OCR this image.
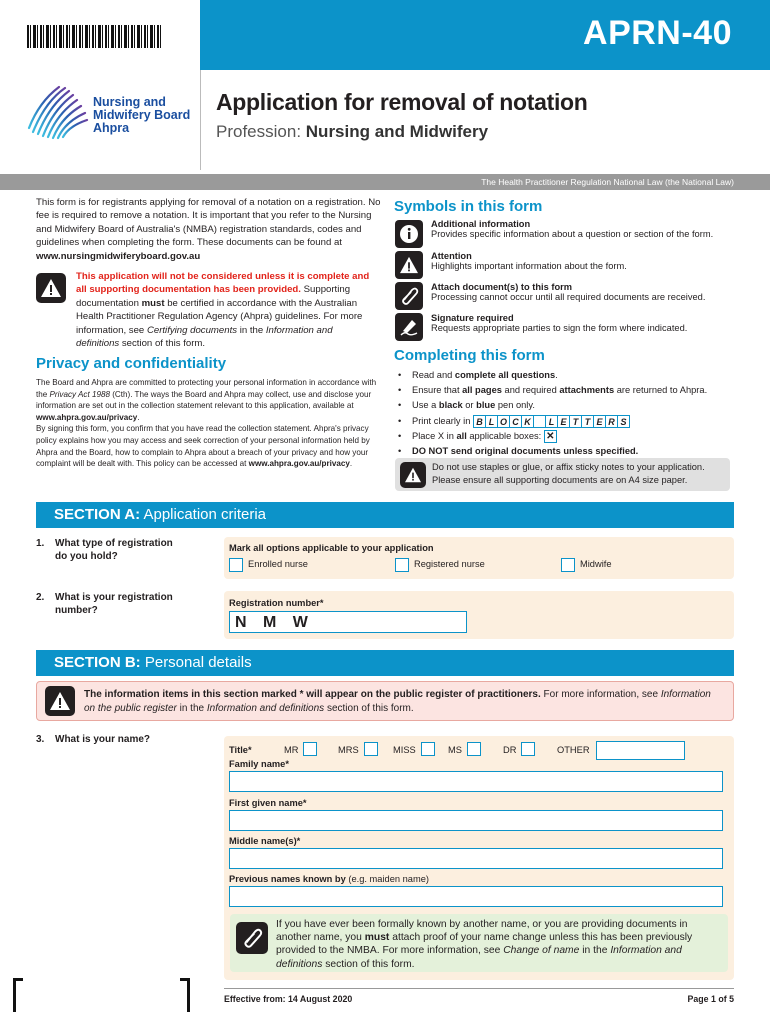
APRN-40
Nursing and
Midwifery Board
Ahpra
Application for removal of notation
Profession: Nursing and Midwifery
The Health Practitioner Regulation National Law (the National Law)
This form is for registrants applying for removal of a notation on a registration. No fee is required to remove a notation. It is important that you refer to the Nursing and Midwifery Board of Australia's (NMBA) registration standards, codes and guidelines when completing the form. These documents can be found at www.nursingmidwiferyboard.gov.au
This application will not be considered unless it is complete and all supporting documentation has been provided. Supporting documentation must be certified in accordance with the Australian Health Practitioner Regulation Agency (Ahpra) guidelines. For more information, see Certifying documents in the Information and definitions section of this form.
Privacy and confidentiality
The Board and Ahpra are committed to protecting your personal information in accordance with the Privacy Act 1988 (Cth). The ways the Board and Ahpra may collect, use and disclose your information are set out in the collection statement relevant to this application, available at www.ahpra.gov.au/privacy.
By signing this form, you confirm that you have read the collection statement. Ahpra's privacy policy explains how you may access and seek correction of your personal information held by Ahpra and the Board, how to complain to Ahpra about a breach of your privacy and how your complaint will be dealt with. This policy can be accessed at www.ahpra.gov.au/privacy.
Symbols in this form
Additional information
Provides specific information about a question or section of the form.
Attention
Highlights important information about the form.
Attach document(s) to this form
Processing cannot occur until all required documents are received.
Signature required
Requests appropriate parties to sign the form where indicated.
Completing this form
• Read and complete all questions.
• Ensure that all pages and required attachments are returned to Ahpra.
• Use a black or blue pen only.
• Print clearly in B L O C K L E T T E R S
• Place X in all applicable boxes: ✕
• DO NOT send original documents unless specified.
Do not use staples or glue, or affix sticky notes to your application.
Please ensure all supporting documents are on A4 size paper.
SECTION A: Application criteria
1. What type of registration
do you hold?
Mark all options applicable to your application
Enrolled nurse	Registered nurse	Midwife
2. What is your registration
number?
Registration number*
N M W
SECTION B: Personal details
The information items in this section marked * will appear on the public register of practitioners. For more information, see Information on the public register in the Information and definitions section of this form.
3. What is your name?
Title*	MR	MRS	MISS	MS	DR	OTHER
Family name*
First given name*
Middle name(s)*
Previous names known by (e.g. maiden name)
If you have ever been formally known by another name, or you are providing documents in another name, you must attach proof of your name change unless this has been previously provided to the NMBA. For more information, see Change of name in the Information and definitions section of this form.
Effective from: 14 August 2020	Page 1 of 5
